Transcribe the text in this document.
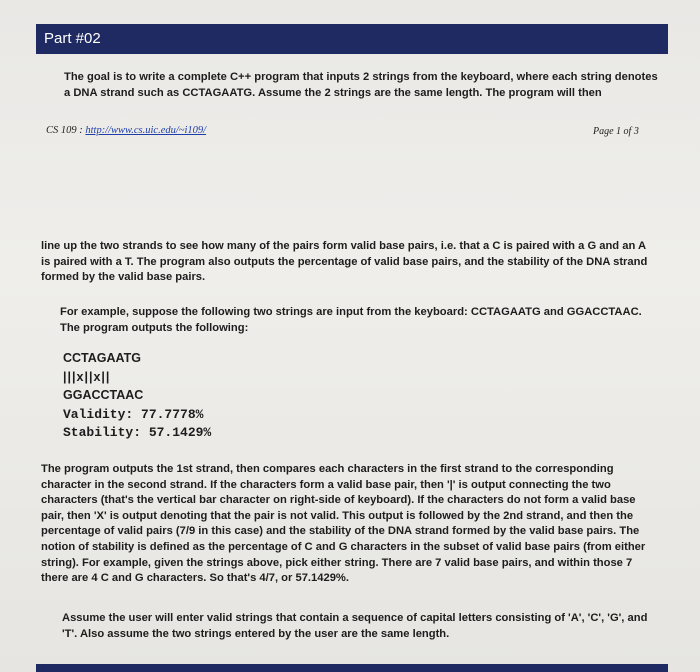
Part #02
The goal is to write a complete C++ program that inputs 2 strings from the keyboard, where each string denotes a DNA strand such as CCTAGAATG. Assume the 2 strings are the same length. The program will then
CS 109 : http://www.cs.uic.edu/~i109/	Page 1 of 3
line up the two strands to see how many of the pairs form valid base pairs, i.e. that a C is paired with a G and an A is paired with a T. The program also outputs the percentage of valid base pairs, and the stability of the DNA strand formed by the valid base pairs.
For example, suppose the following two strings are input from the keyboard: CCTAGAATG and GGACCTAAC. The program outputs the following:
CCTAGAATG
|||x||x||
GGACCTAAC
Validity: 77.7778%
Stability: 57.1429%
The program outputs the 1st strand, then compares each characters in the first strand to the corresponding character in the second strand. If the characters form a valid base pair, then '|' is output connecting the two characters (that's the vertical bar character on right-side of keyboard). If the characters do not form a valid base pair, then 'X' is output denoting that the pair is not valid. This output is followed by the 2nd strand, and then the percentage of valid pairs (7/9 in this case) and the stability of the DNA strand formed by the valid base pairs. The notion of stability is defined as the percentage of C and G characters in the subset of valid base pairs (from either string). For example, given the strings above, pick either string. There are 7 valid base pairs, and within those 7 there are 4 C and G characters. So that's 4/7, or 57.1429%.
Assume the user will enter valid strings that contain a sequence of capital letters consisting of 'A', 'C', 'G', and 'T'. Also assume the two strings entered by the user are the same length.
